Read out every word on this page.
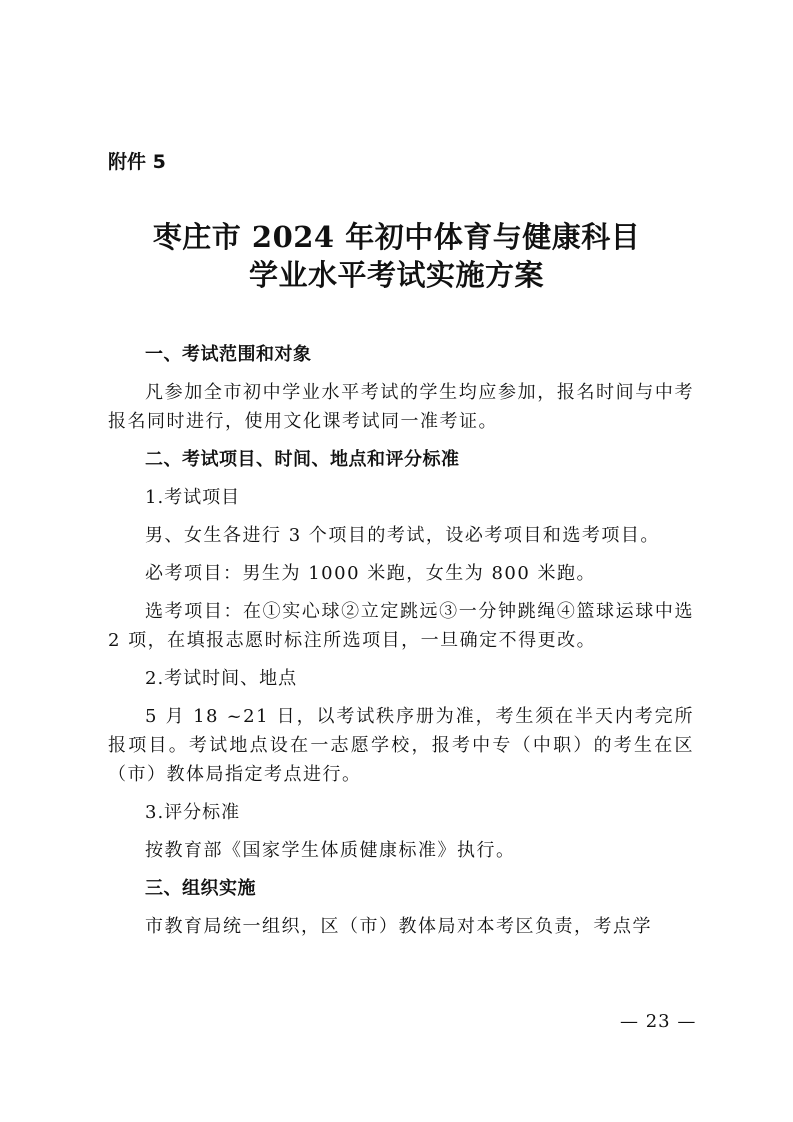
附件 5
枣庄市 2024 年初中体育与健康科目
学业水平考试实施方案

一、考试范围和对象

凡参加全市初中学业水平考试的学生均应参加，报名时间与中考报名同时进行，使用文化课考试同一准考证。

二、考试项目、时间、地点和评分标准

1.考试项目

男、女生各进行 3 个项目的考试，设必考项目和选考项目。

必考项目：男生为 1000 米跑，女生为 800 米跑。

选考项目：在①实心球②立定跳远③一分钟跳绳④篮球运球中选 2 项，在填报志愿时标注所选项目，一旦确定不得更改。

2.考试时间、地点

5 月 18 ~21 日，以考试秩序册为准，考生须在半天内考完所报项目。考试地点设在一志愿学校，报考中专（中职）的考生在区（市）教体局指定考点进行。

3.评分标准

按教育部《国家学生体质健康标准》执行。

三、组织实施

市教育局统一组织，区（市）教体局对本考区负责，考点学

— 23 —
